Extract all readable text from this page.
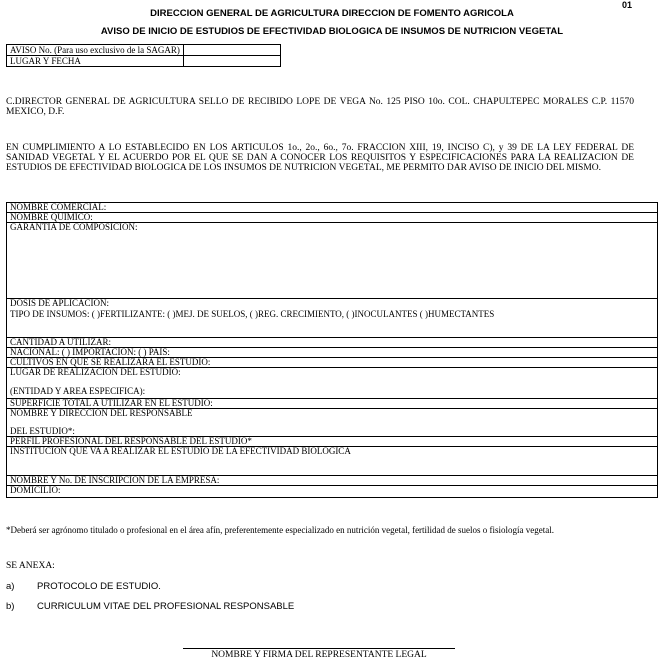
01
DIRECCION GENERAL DE AGRICULTURA DIRECCION DE FOMENTO AGRICOLA
AVISO DE INICIO DE ESTUDIOS DE EFECTIVIDAD BIOLOGICA DE INSUMOS DE NUTRICION VEGETAL
AVISO No. (Para uso exclusivo de la SAGAR)	
LUGAR Y FECHA	
C.DIRECTOR GENERAL DE AGRICULTURA SELLO DE RECIBIDO LOPE DE VEGA No. 125 PISO 10o. COL. CHAPULTEPEC MORALES C.P. 11570 MEXICO, D.F.
EN CUMPLIMIENTO A LO ESTABLECIDO EN LOS ARTICULOS 1o., 2o., 6o., 7o. FRACCION XIII, 19, INCISO C), y 39 DE LA LEY FEDERAL DE SANIDAD VEGETAL Y EL ACUERDO POR EL QUE SE DAN A CONOCER LOS REQUISITOS Y ESPECIFICACIONES PARA LA REALIZACION DE ESTUDIOS DE EFECTIVIDAD BIOLOGICA DE LOS INSUMOS DE NUTRICION VEGETAL, ME PERMITO DAR AVISO DE INICIO DEL MISMO.
NOMBRE COMERCIAL:
NOMBRE QUIMICO:
GARANTIA DE COMPOSICION:
DOSIS DE APLICACION:
TIPO DE INSUMOS: ( )FERTILIZANTE: ( )MEJ. DE SUELOS, ( )REG. CRECIMIENTO, ( )INOCULANTES ( )HUMECTANTES
CANTIDAD A UTILIZAR:
NACIONAL: ( ) IMPORTACION: ( ) PAIS:
CULTIVOS EN QUE SE REALIZARA EL ESTUDIO:
LUGAR DE REALIZACION DEL ESTUDIO:
(ENTIDAD Y AREA ESPECIFICA):
SUPERFICIE TOTAL A UTILIZAR EN EL ESTUDIO:
NOMBRE Y DIRECCION DEL RESPONSABLE
DEL ESTUDIO*:
PERFIL PROFESIONAL DEL RESPONSABLE DEL ESTUDIO*
INSTITUCION QUE VA A REALIZAR EL ESTUDIO DE LA EFECTIVIDAD BIOLOGICA
NOMBRE Y No. DE INSCRIPCION DE LA EMPRESA:
DOMICILIO:
*Deberá ser agrónomo titulado o profesional en el área afín, preferentemente especializado en nutrición vegetal, fertilidad de suelos o fisiología vegetal.
SE ANEXA:
a) PROTOCOLO DE ESTUDIO.
b) CURRICULUM VITAE DEL PROFESIONAL RESPONSABLE
NOMBRE Y FIRMA DEL REPRESENTANTE LEGAL
